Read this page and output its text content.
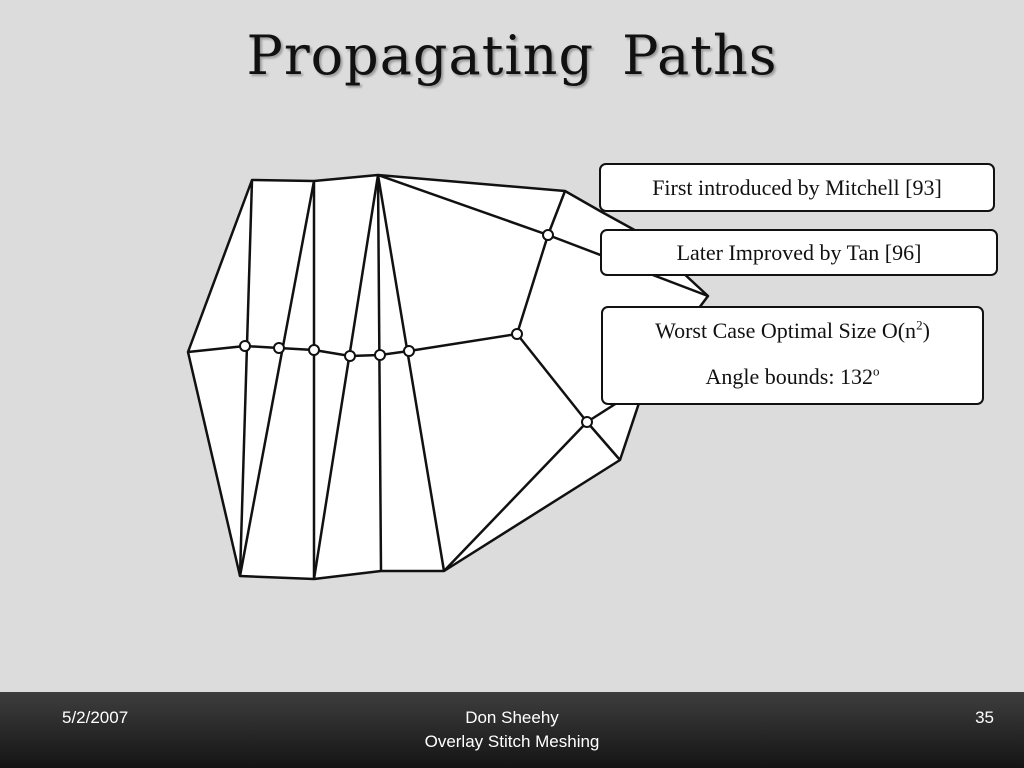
Propagating Paths
First introduced by Mitchell [93]
Later Improved by Tan [96]
Worst Case Optimal Size $O(n^2)$
Angle bounds: 132$^o$
5/2/2007	Don Sheehy
Overlay Stitch Meshing
35
